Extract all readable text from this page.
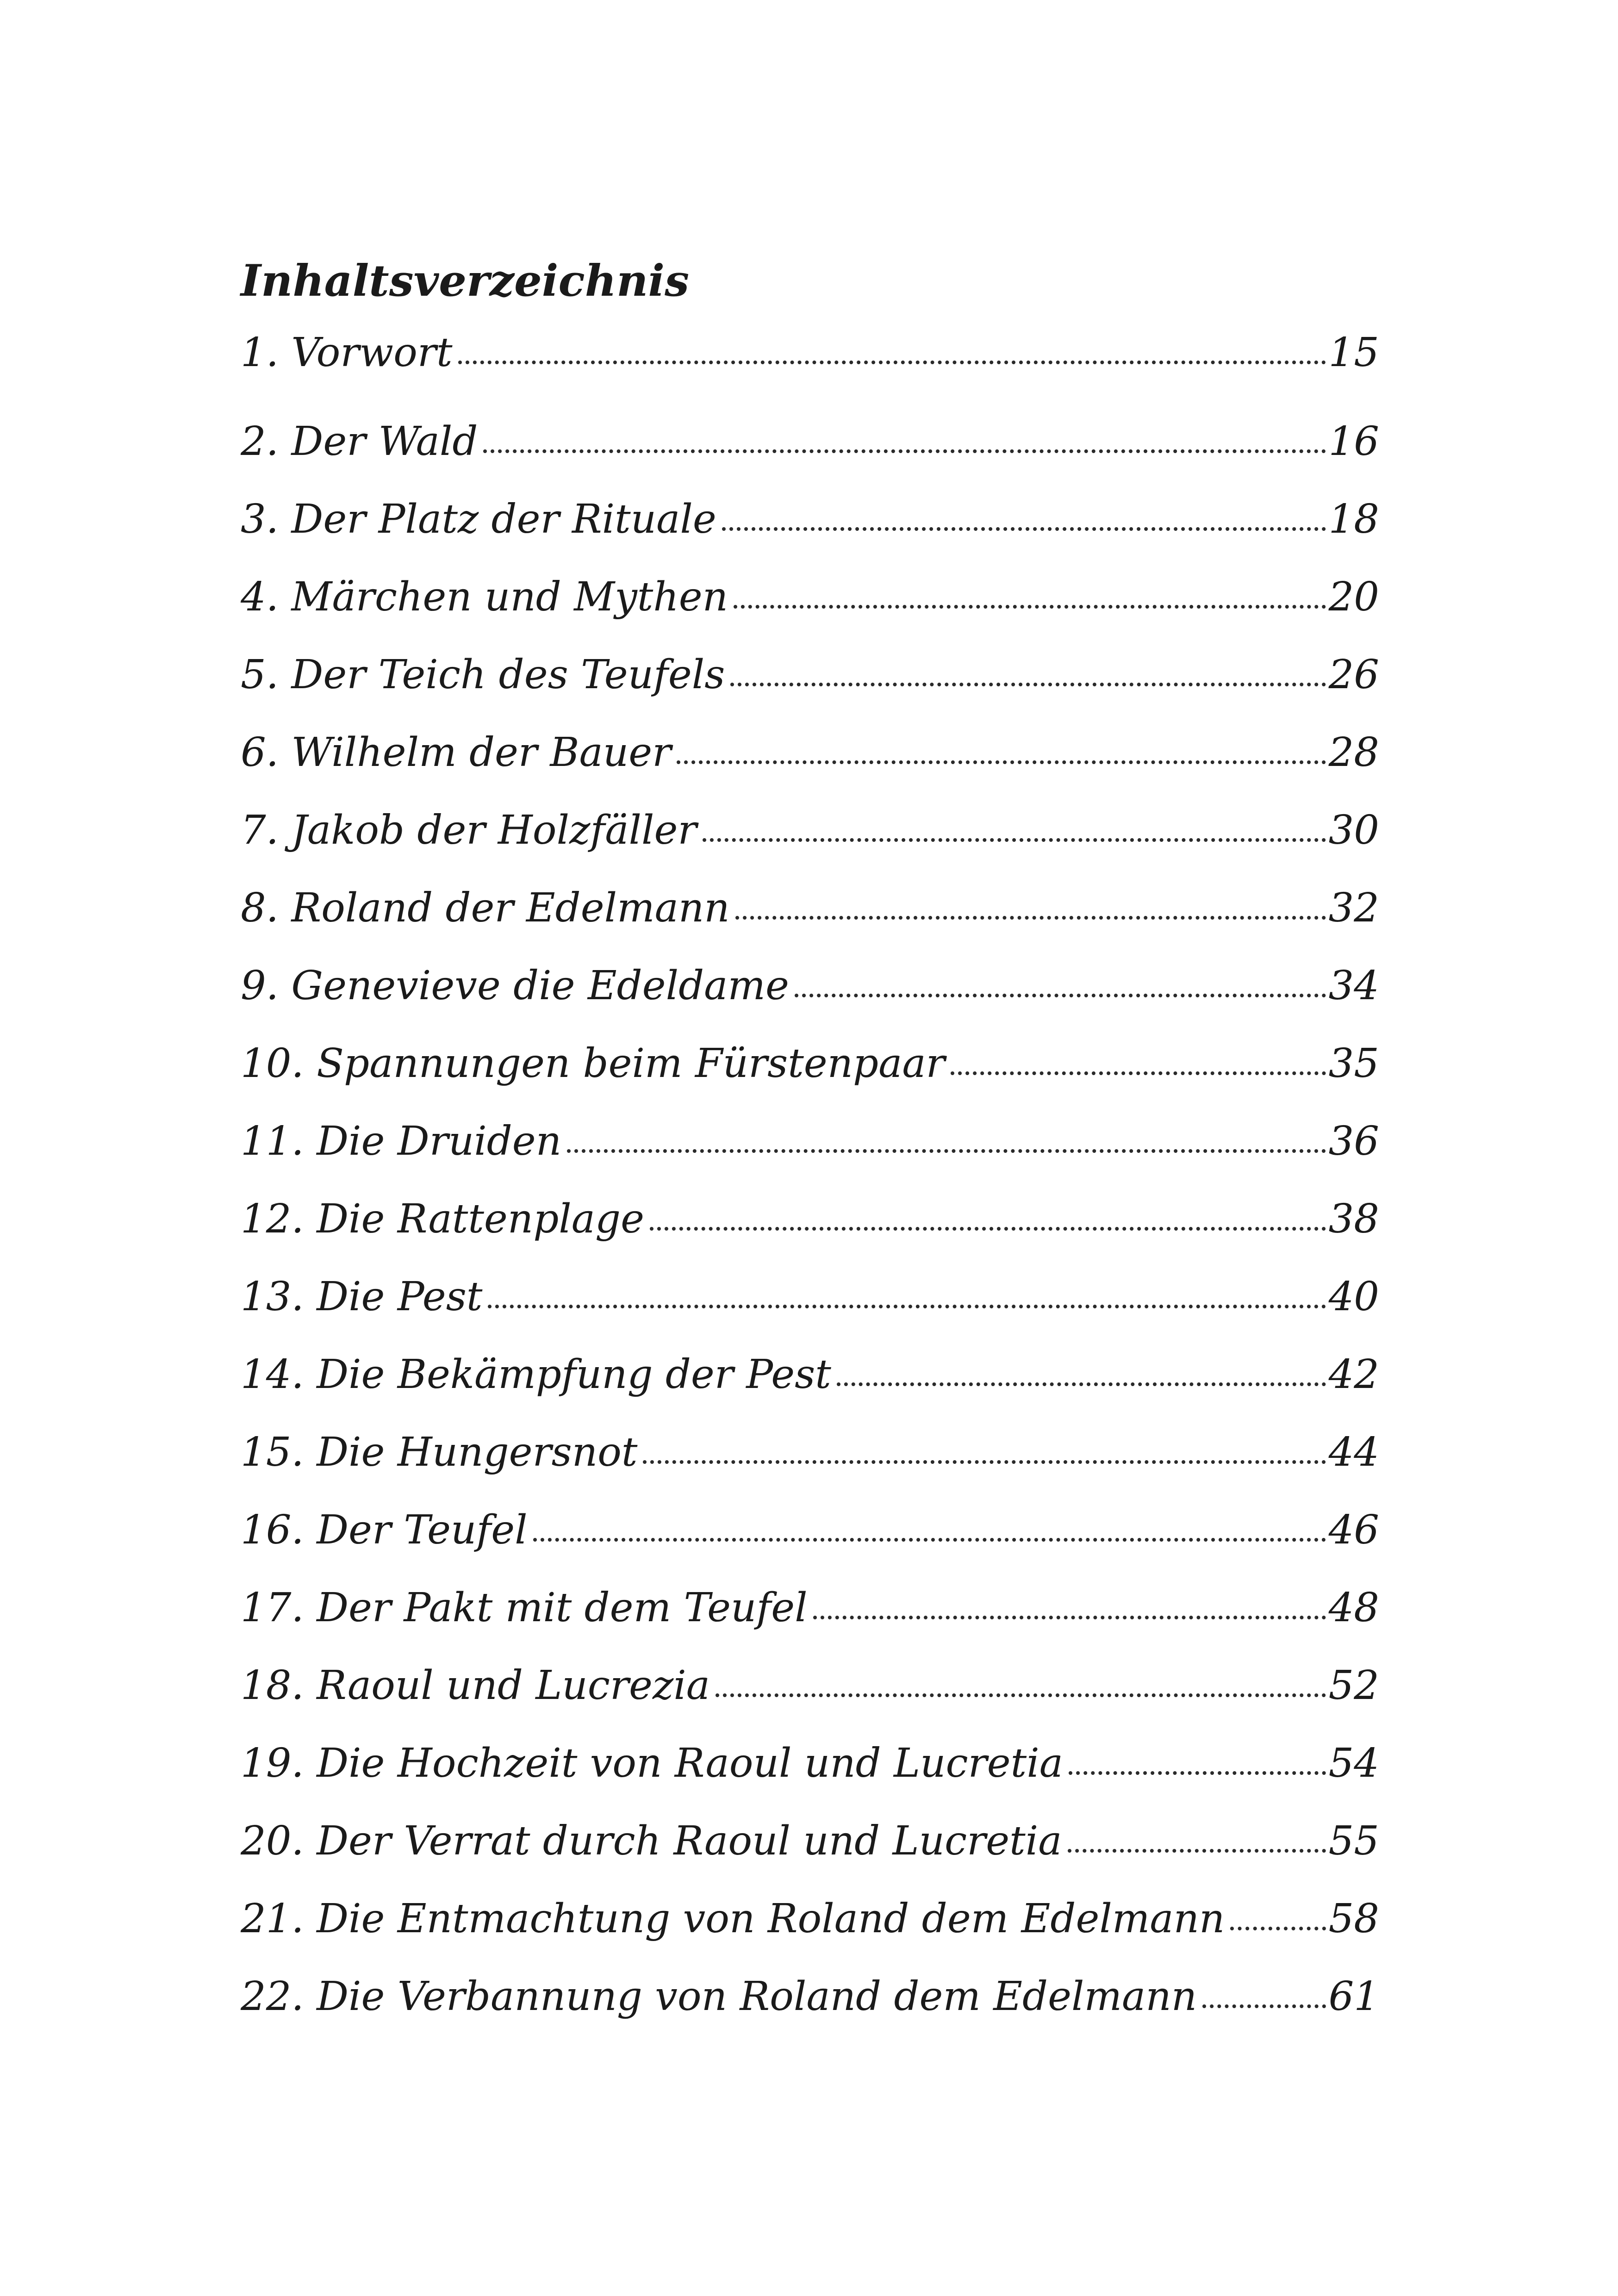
Inhaltsverzeichnis
1. Vorwort	15
2. Der Wald	16
3. Der Platz der Rituale	18
4. Märchen und Mythen	20
5. Der Teich des Teufels	26
6. Wilhelm der Bauer	28
7. Jakob der Holzfäller	30
8. Roland der Edelmann	32
9. Genevieve die Edeldame	34
10. Spannungen beim Fürstenpaar	35
11. Die Druiden	36
12. Die Rattenplage	38
13. Die Pest	40
14. Die Bekämpfung der Pest	42
15. Die Hungersnot	44
16. Der Teufel	46
17. Der Pakt mit dem Teufel	48
18. Raoul und Lucrezia	52
19. Die Hochzeit von Raoul und Lucretia	54
20. Der Verrat durch Raoul und Lucretia	55
21. Die Entmachtung von Roland dem Edelmann	58
22. Die Verbannung von Roland dem Edelmann	61
